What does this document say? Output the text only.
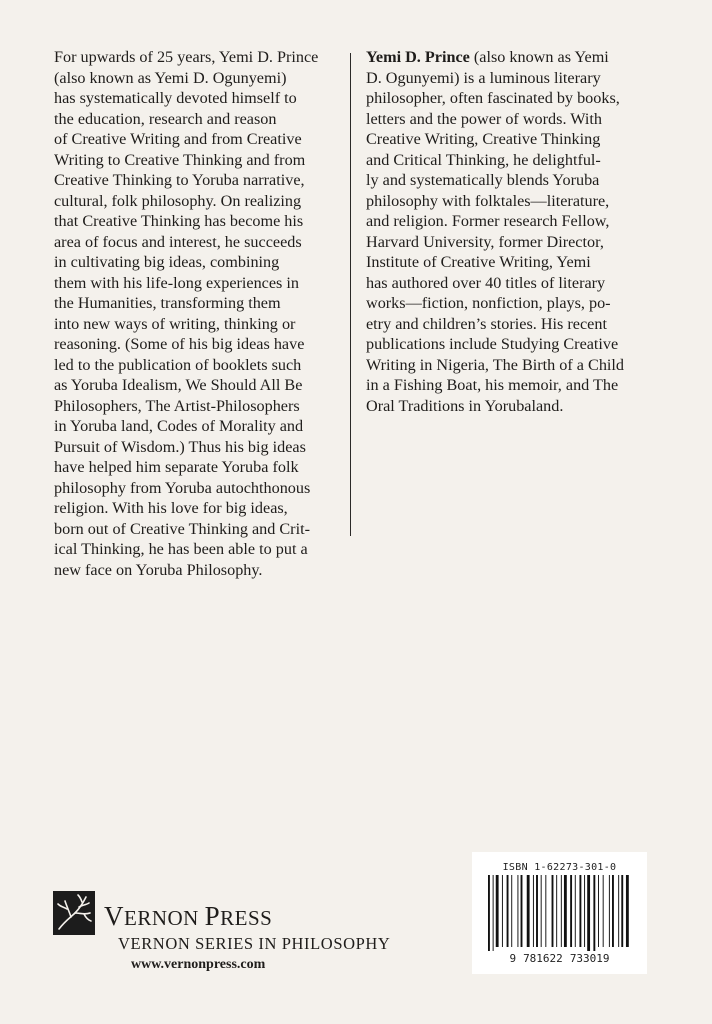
For upwards of 25 years, Yemi D. Prince
(also known as Yemi D. Ogunyemi)
has systematically devoted himself to
the education, research and reason
of Creative Writing and from Creative
Writing to Creative Thinking and from
Creative Thinking to Yoruba narrative,
cultural, folk philosophy. On realizing
that Creative Thinking has become his
area of focus and interest, he succeeds
in cultivating big ideas, combining
them with his life-long experiences in
the Humanities, transforming them
into new ways of writing, thinking or
reasoning. (Some of his big ideas have
led to the publication of booklets such
as Yoruba Idealism, We Should All Be
Philosophers, The Artist-Philosophers
in Yoruba land, Codes of Morality and
Pursuit of Wisdom.) Thus his big ideas
have helped him separate Yoruba folk
philosophy from Yoruba autochthonous
religion. With his love for big ideas,
born out of Creative Thinking and Crit-
ical Thinking, he has been able to put a
new face on Yoruba Philosophy.
Yemi D. Prince (also known as Yemi
D. Ogunyemi) is a luminous literary
philosopher, often fascinated by books,
letters and the power of words. With
Creative Writing, Creative Thinking
and Critical Thinking, he delightful-
ly and systematically blends Yoruba
philosophy with folktales—literature,
and religion. Former research Fellow,
Harvard University, former Director,
Institute of Creative Writing, Yemi
has authored over 40 titles of literary
works—fiction, nonfiction, plays, po-
etry and children’s stories. His recent
publications include Studying Creative
Writing in Nigeria, The Birth of a Child
in a Fishing Boat, his memoir, and The
Oral Traditions in Yorubaland.
VERNON PRESS
VERNON SERIES IN PHILOSOPHY
www.vernonpress.com
ISBN 1-62273-301-0
9 781622 733019
